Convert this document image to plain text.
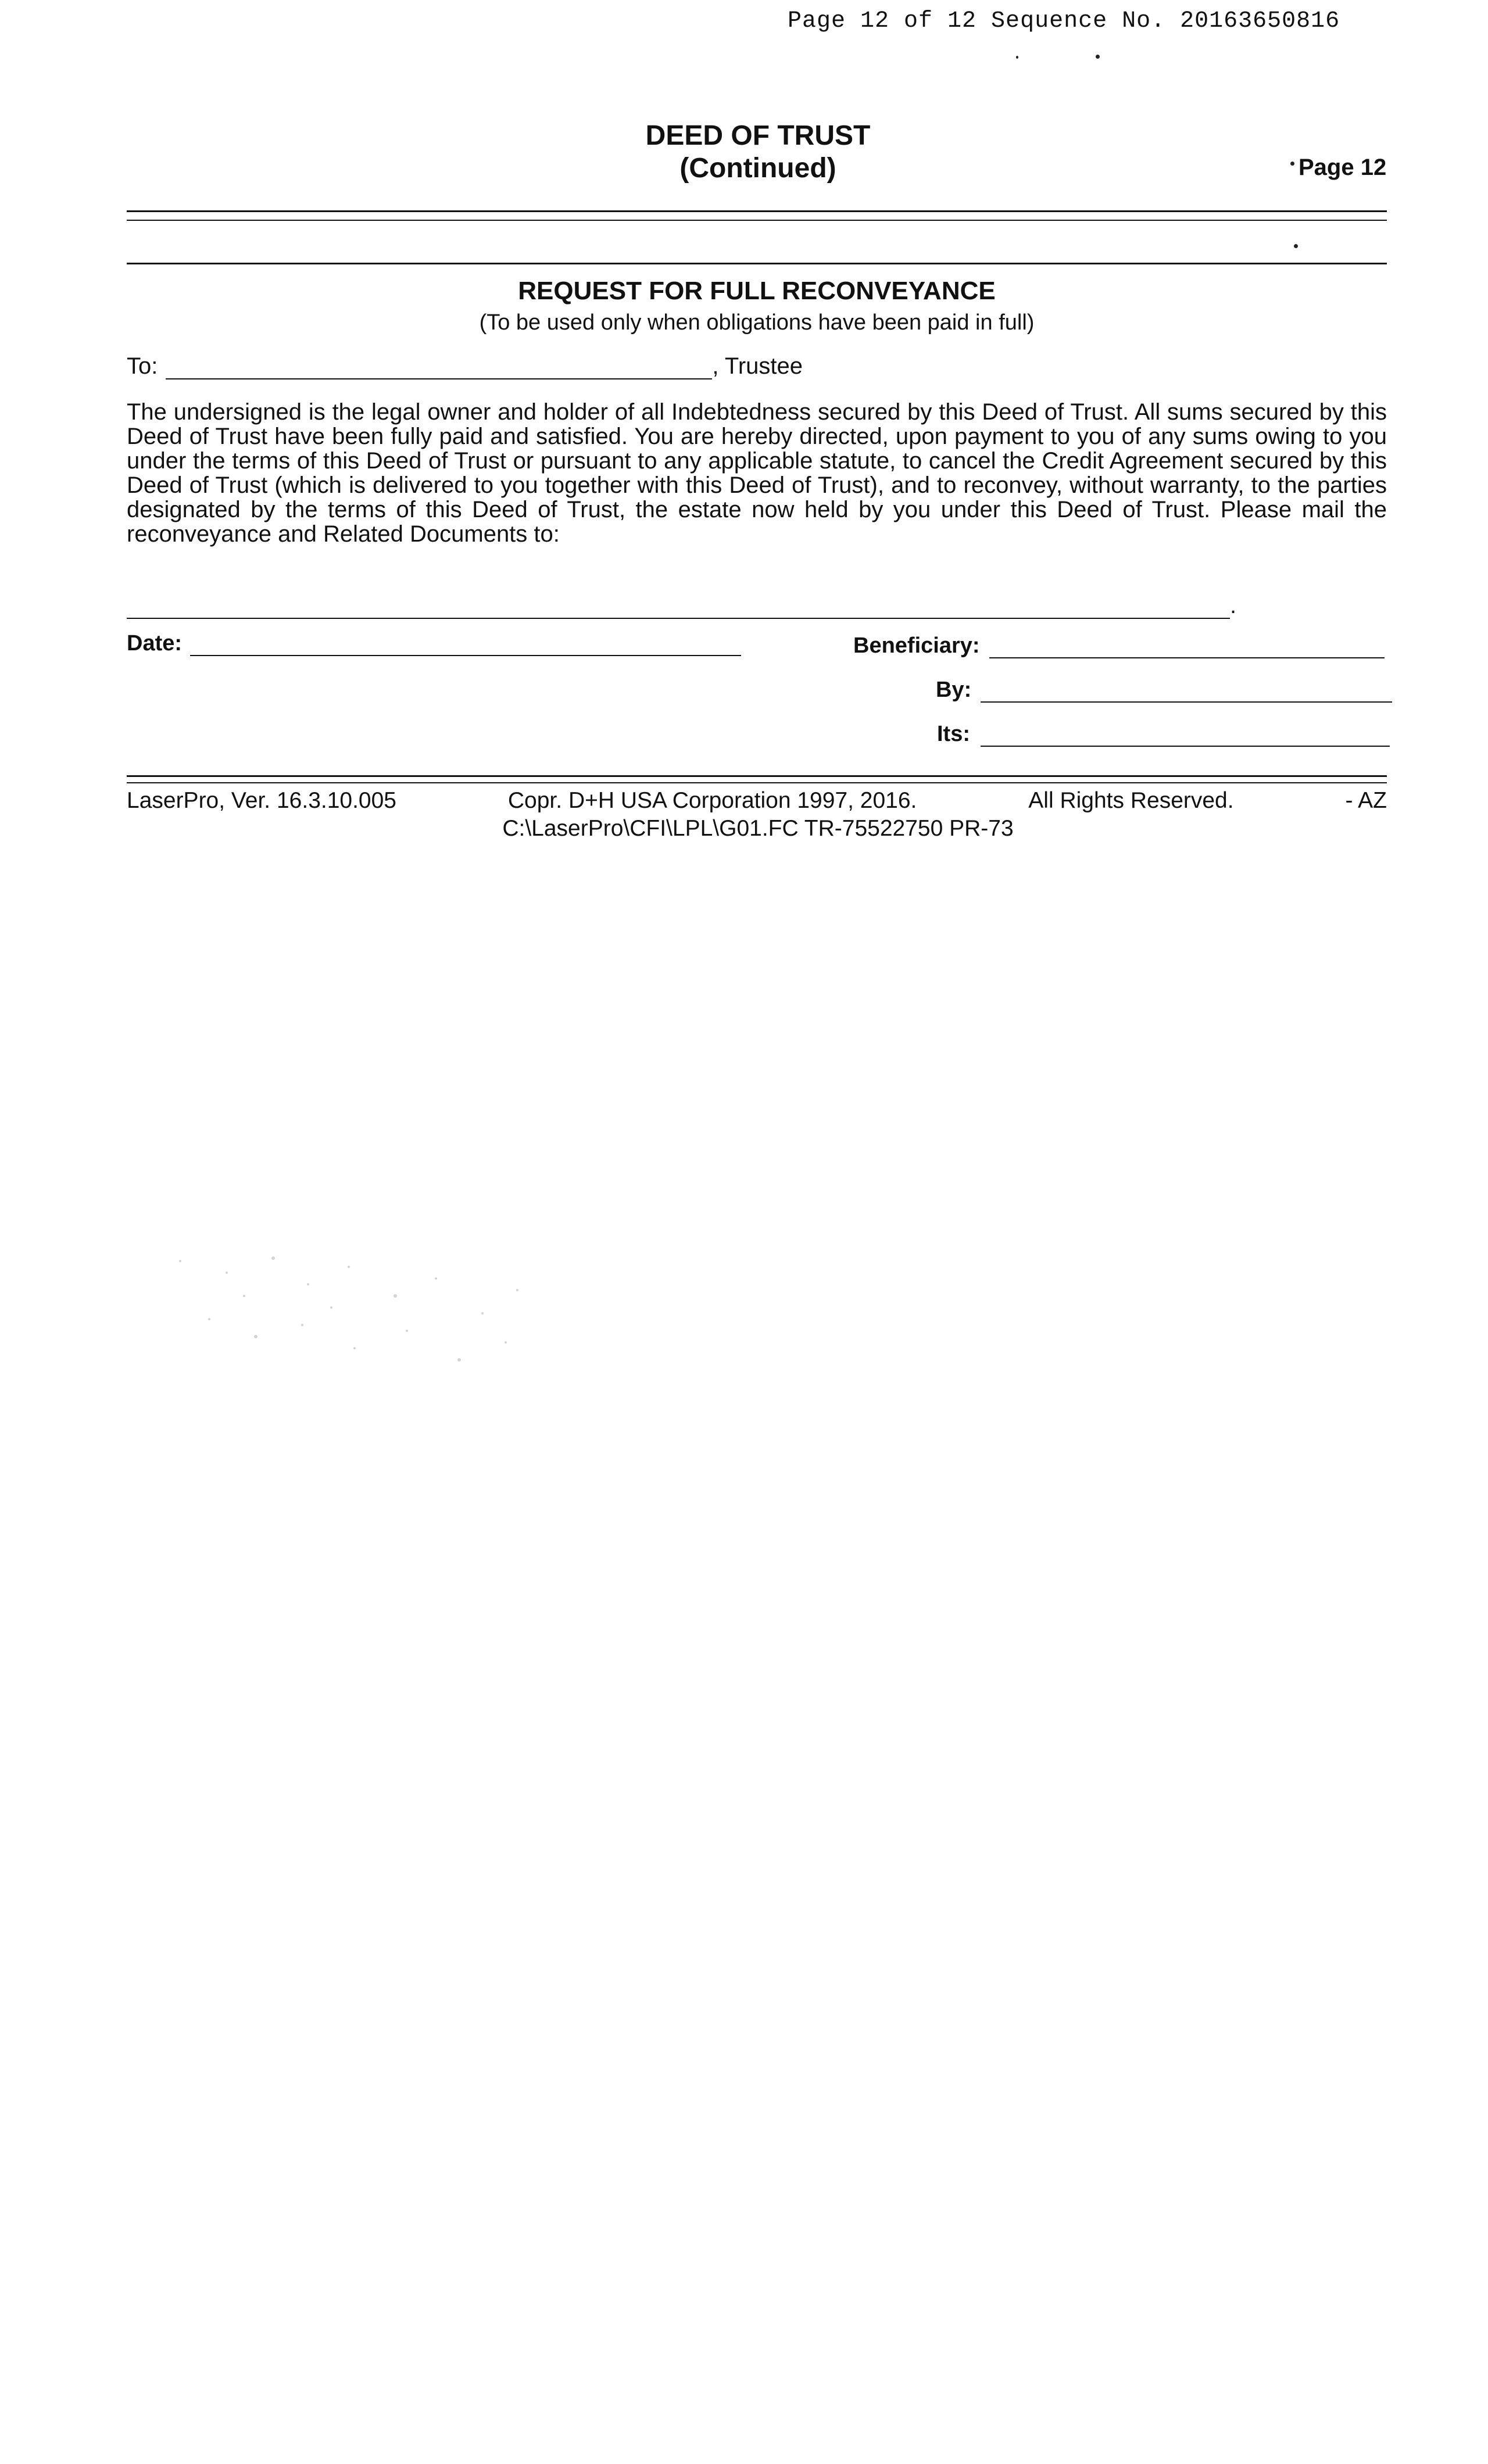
Page 12 of 12 Sequence No. 20163650816
DEED OF TRUST
(Continued)	Page 12
REQUEST FOR FULL RECONVEYANCE
(To be used only when obligations have been paid in full)
To:	, Trustee
The undersigned is the legal owner and holder of all Indebtedness secured by this Deed of Trust. All sums secured by this Deed of Trust have been fully paid and satisfied. You are hereby directed, upon payment to you of any sums owing to you under the terms of this Deed of Trust or pursuant to any applicable statute, to cancel the Credit Agreement secured by this Deed of Trust (which is delivered to you together with this Deed of Trust), and to reconvey, without warranty, to the parties designated by the terms of this Deed of Trust, the estate now held by you under this Deed of Trust. Please mail the reconveyance and Related Documents to:
.
Date:	Beneficiary:
By:
Its:
LaserPro, Ver. 16.3.10.005	Copr. D+H USA Corporation 1997, 2016.	All Rights Reserved.	- AZ
C:\LaserPro\CFI\LPL\G01.FC TR-75522750 PR-73
